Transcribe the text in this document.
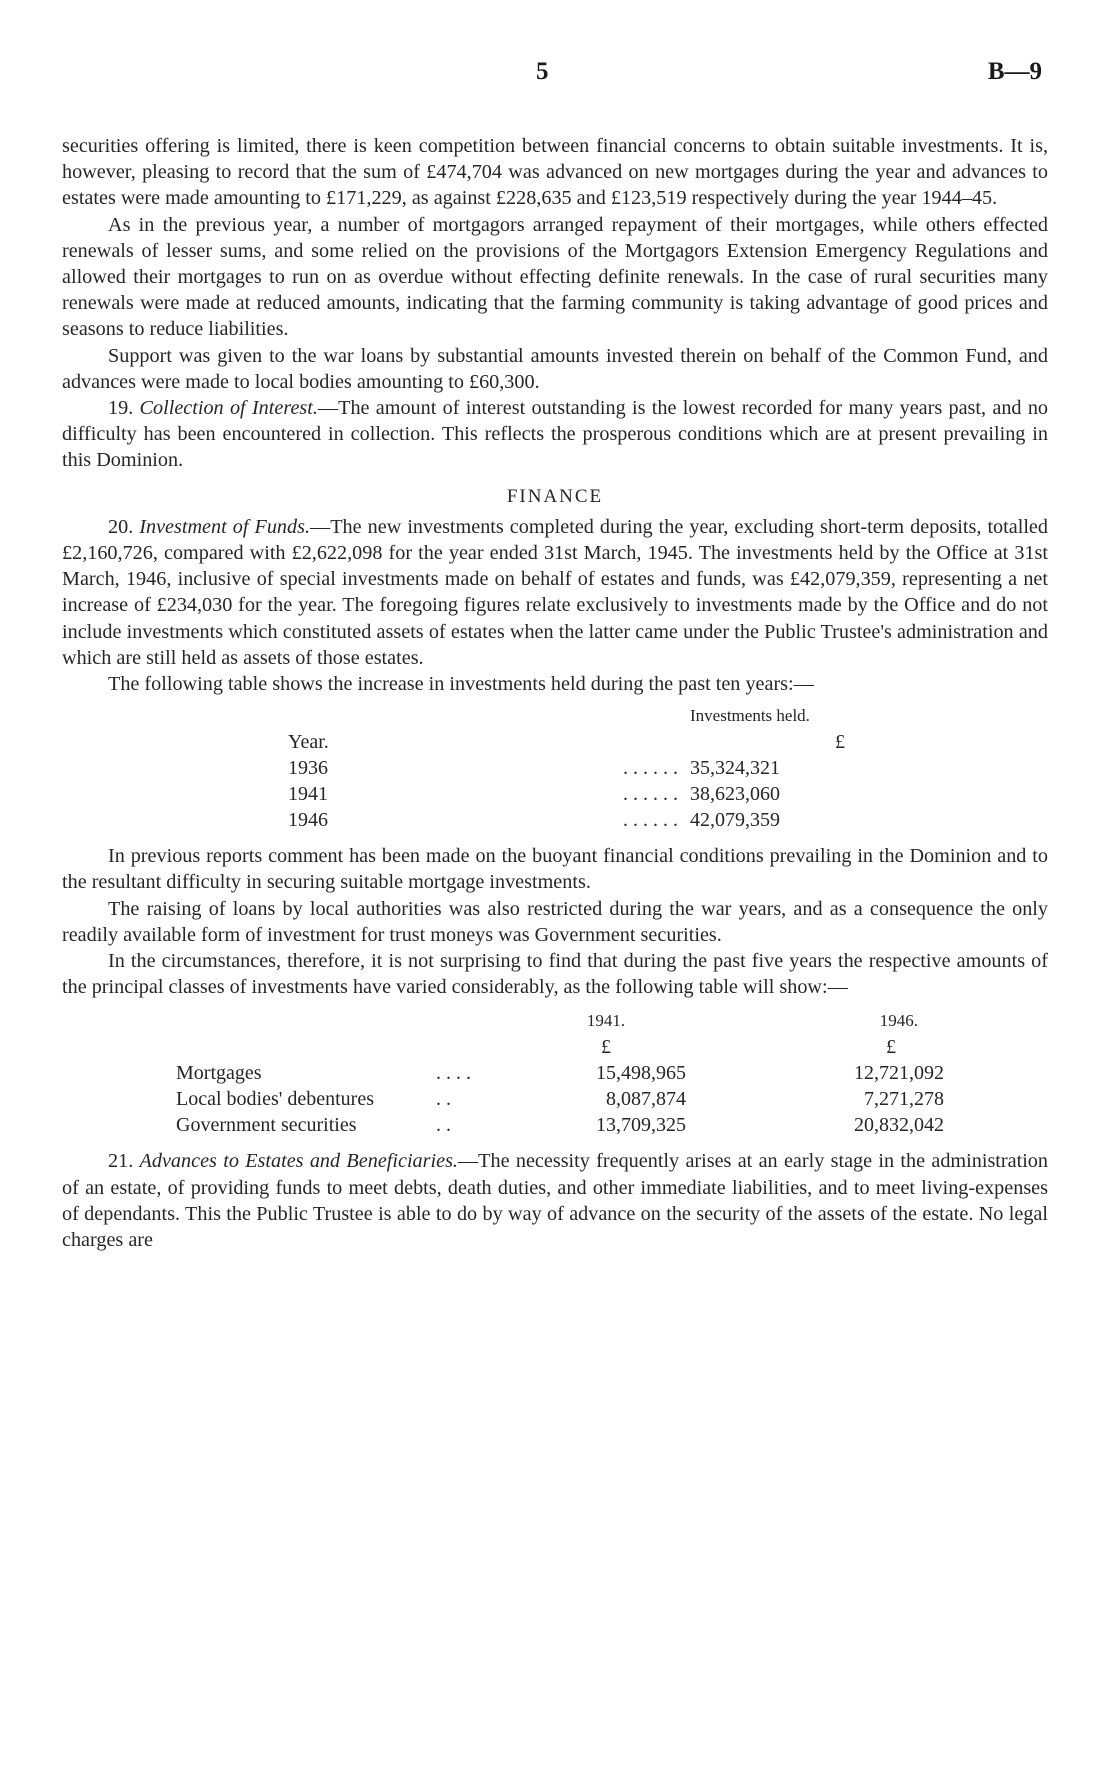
5	B—9

securities offering is limited, there is keen competition between financial concerns to obtain suitable investments. It is, however, pleasing to record that the sum of £474,704 was advanced on new mortgages during the year and advances to estates were made amounting to £171,229, as against £228,635 and £123,519 respectively during the year 1944–45.

As in the previous year, a number of mortgagors arranged repayment of their mortgages, while others effected renewals of lesser sums, and some relied on the provisions of the Mortgagors Extension Emergency Regulations and allowed their mortgages to run on as overdue without effecting definite renewals. In the case of rural securities many renewals were made at reduced amounts, indicating that the farming community is taking advantage of good prices and seasons to reduce liabilities.

Support was given to the war loans by substantial amounts invested therein on behalf of the Common Fund, and advances were made to local bodies amounting to £60,300.

19. Collection of Interest.—The amount of interest outstanding is the lowest recorded for many years past, and no difficulty has been encountered in collection. This reflects the prosperous conditions which are at present prevailing in this Dominion.

FINANCE

20. Investment of Funds.—The new investments completed during the year, excluding short-term deposits, totalled £2,160,726, compared with £2,622,098 for the year ended 31st March, 1945. The investments held by the Office at 31st March, 1946, inclusive of special investments made on behalf of estates and funds, was £42,079,359, representing a net increase of £234,030 for the year. The foregoing figures relate exclusively to investments made by the Office and do not include investments which constituted assets of estates when the latter came under the Public Trustee's administration and which are still held as assets of those estates.

The following table shows the increase in investments held during the past ten years:—

		Investments held.
Year.		£
1936	. . . . . .	35,324,321
1941	. . . . . .	38,623,060
1946	. . . . . .	42,079,359

In previous reports comment has been made on the buoyant financial conditions prevailing in the Dominion and to the resultant difficulty in securing suitable mortgage investments.

The raising of loans by local authorities was also restricted during the war years, and as a consequence the only readily available form of investment for trust moneys was Government securities.

In the circumstances, therefore, it is not surprising to find that during the past five years the respective amounts of the principal classes of investments have varied considerably, as the following table will show:—

		1941.	1946.
		£	£
Mortgages	. . . .	15,498,965	12,721,092
Local bodies' debentures	. .	8,087,874	7,271,278
Government securities	. .	13,709,325	20,832,042

21. Advances to Estates and Beneficiaries.—The necessity frequently arises at an early stage in the administration of an estate, of providing funds to meet debts, death duties, and other immediate liabilities, and to meet living-expenses of dependants. This the Public Trustee is able to do by way of advance on the security of the assets of the estate. No legal charges are
